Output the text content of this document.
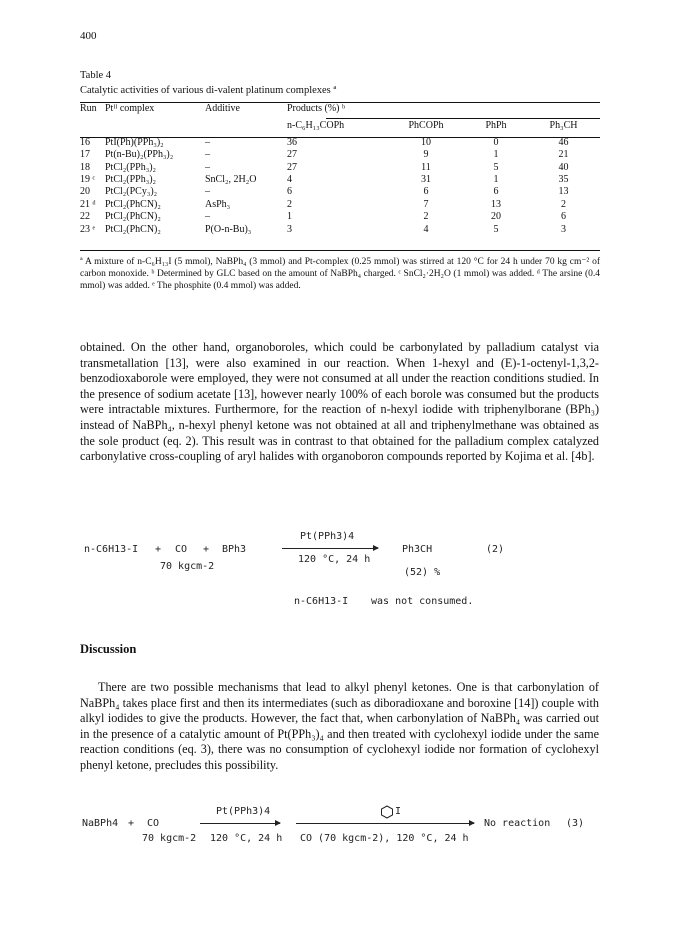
400
Table 4
Catalytic activities of various di-valent platinum complexes ª
Run	Ptᴵᴵ complex	Additive	Products (%) ᵇ			

			n-C₆H₁₃COPh	PhCOPh	PhPh	Ph₃CH

16	PtI(Ph)(PPh₃)₂	–	36	10	0	46
17	Pt(n-Bu)₂(PPh₃)₂	–	27	9	1	21
18	PtCl₂(PPh₃)₂	–	27	11	5	40
19 ᶜ	PtCl₂(PPh₃)₂	SnCl₂, 2H₂O	4	31	1	35
20	PtCl₂(PCy₃)₂	–	6	6	6	13
21 ᵈ	PtCl₂(PhCN)₂	AsPh₃	2	7	13	2
22	PtCl₂(PhCN)₂	–	1	2	20	6
23 ᵉ	PtCl₂(PhCN)₂	P(O-n-Bu)₃	3	4	5	3
ª A mixture of n-C₆H₁₃I (5 mmol), NaBPh₄ (3 mmol) and Pt-complex (0.25 mmol) was stirred at 120 °C for 24 h under 70 kg cm⁻² of carbon monoxide. ᵇ Determined by GLC based on the amount of NaBPh₄ charged. ᶜ SnCl₂·2H₂O (1 mmol) was added. ᵈ The arsine (0.4 mmol) was added. ᵉ The phosphite (0.4 mmol) was added.
obtained. On the other hand, organoboroles, which could be carbonylated by palladium catalyst via transmetallation [13], were also examined in our reaction. When 1-hexyl and (E)-1-octenyl-1,3,2-benzodioxaborole were employed, they were not consumed at all under the reaction conditions studied. In the presence of sodium acetate [13], however nearly 100% of each borole was consumed but the products were intractable mixtures. Furthermore, for the reaction of n-hexyl iodide with triphenylborane (BPh₃) instead of NaBPh₄, n-hexyl phenyl ketone was not obtained at all and triphenylmethane was obtained as the sole product (eq. 2). This result was in contrast to that obtained for the palladium complex catalyzed carbonylative cross-coupling of aryl halides with organoboron compounds reported by Kojima et al. [4b].
n-C6H13-I + CO + BPh3
70 kgcm-2
Pt(PPh3)4
120 °C, 24 h
Ph3CH	(2)
(52) %
n-C6H13-I was not consumed.
Discussion
There are two possible mechanisms that lead to alkyl phenyl ketones. One is that carbonylation of NaBPh₄ takes place first and then its intermediates (such as diboradioxane and boroxine [14]) couple with alkyl iodides to give the products. However, the fact that, when carbonylation of NaBPh₄ was carried out in the presence of a catalytic amount of Pt(PPh₃)₄ and then treated with cyclohexyl iodide under the same reaction conditions (eq. 3), there was no consumption of cyclohexyl iodide nor formation of cyclohexyl phenyl ketone, precludes this possibility.
NaBPh4 + CO
70 kgcm-2
Pt(PPh3)4
120 °C, 24 h
I
CO (70 kgcm-2), 120 °C, 24 h
No reaction (3)
